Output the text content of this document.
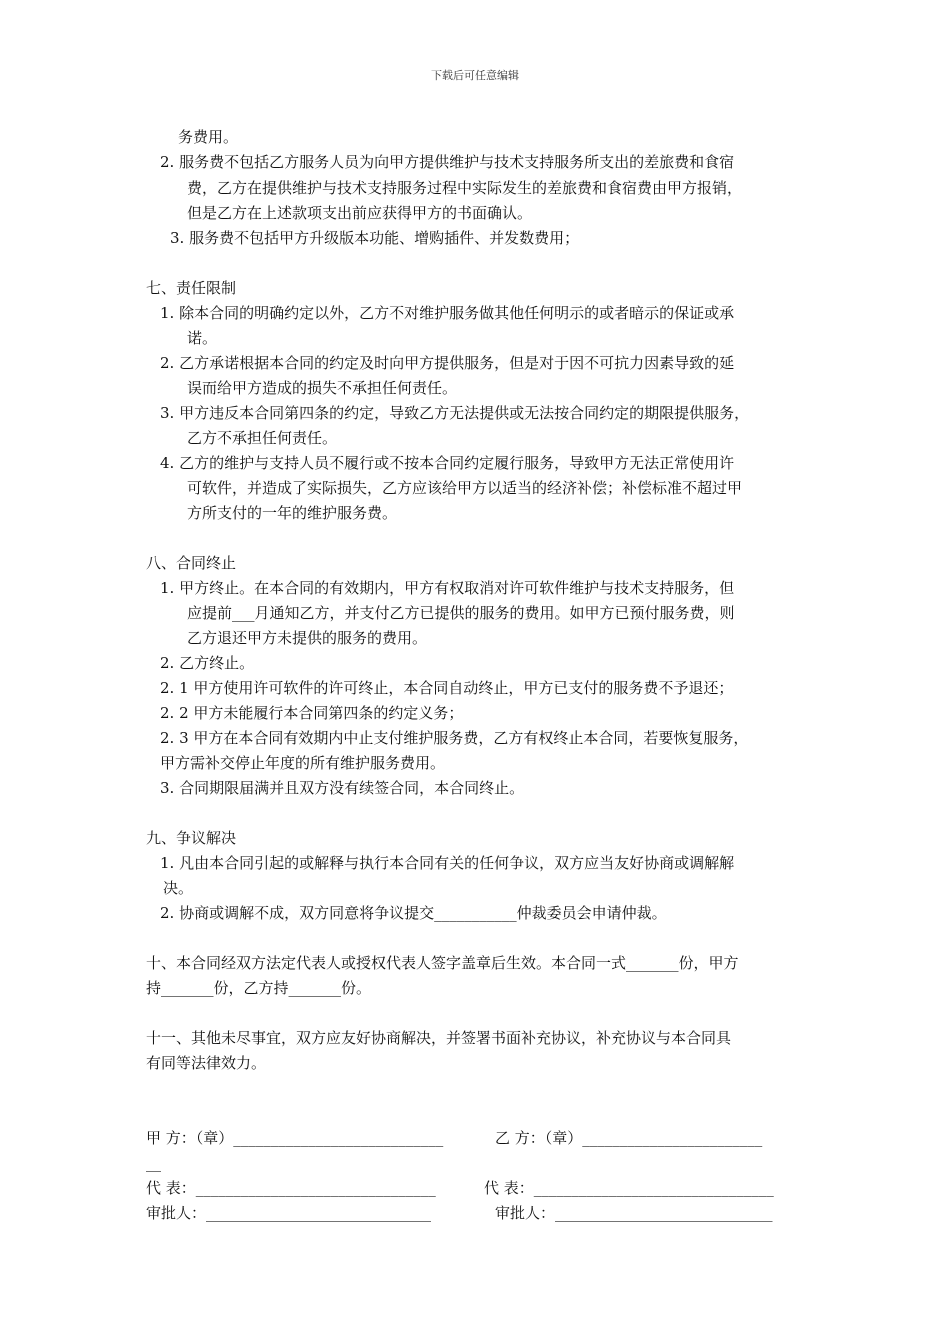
下载后可任意编辑
务费用。
2. 服务费不包括乙方服务人员为向甲方提供维护与技术支持服务所支出的差旅费和食宿
费，乙方在提供维护与技术支持服务过程中实际发生的差旅费和食宿费由甲方报销，
但是乙方在上述款项支出前应获得甲方的书面确认。
3. 服务费不包括甲方升级版本功能、增购插件、并发数费用；
七、责任限制
1. 除本合同的明确约定以外，乙方不对维护服务做其他任何明示的或者暗示的保证或承
诺。
2. 乙方承诺根据本合同的约定及时向甲方提供服务，但是对于因不可抗力因素导致的延
误而给甲方造成的损失不承担任何责任。
3. 甲方违反本合同第四条的约定，导致乙方无法提供或无法按合同约定的期限提供服务，
乙方不承担任何责任。
4. 乙方的维护与支持人员不履行或不按本合同约定履行服务，导致甲方无法正常使用许
可软件，并造成了实际损失，乙方应该给甲方以适当的经济补偿；补偿标准不超过甲
方所支付的一年的维护服务费。
八、合同终止
1. 甲方终止。在本合同的有效期内，甲方有权取消对许可软件维护与技术支持服务，但
应提前___月通知乙方，并支付乙方已提供的服务的费用。如甲方已预付服务费，则
乙方退还甲方未提供的服务的费用。
2. 乙方终止。
2. 1 甲方使用许可软件的许可终止，本合同自动终止，甲方已支付的服务费不予退还；
2. 2 甲方未能履行本合同第四条的约定义务；
2. 3 甲方在本合同有效期内中止支付维护服务费，乙方有权终止本合同，若要恢复服务，
甲方需补交停止年度的所有维护服务费用。
3. 合同期限届满并且双方没有续签合同，本合同终止。
九、争议解决
1. 凡由本合同引起的或解释与执行本合同有关的任何争议，双方应当友好协商或调解解
决。
2. 协商或调解不成，双方同意将争议提交___________仲裁委员会申请仲裁。
十、本合同经双方法定代表人或授权代表人签字盖章后生效。本合同一式_______份，甲方
持_______份，乙方持_______份。
十一、其他未尽事宜，双方应友好协商解决，并签署书面补充协议，补充协议与本合同具
有同等法律效力。
甲 方：（章）____________________________	乙 方：（章）________________________
__
代 表：________________________________	代 表：________________________________
审批人：______________________________	审批人：_____________________________
